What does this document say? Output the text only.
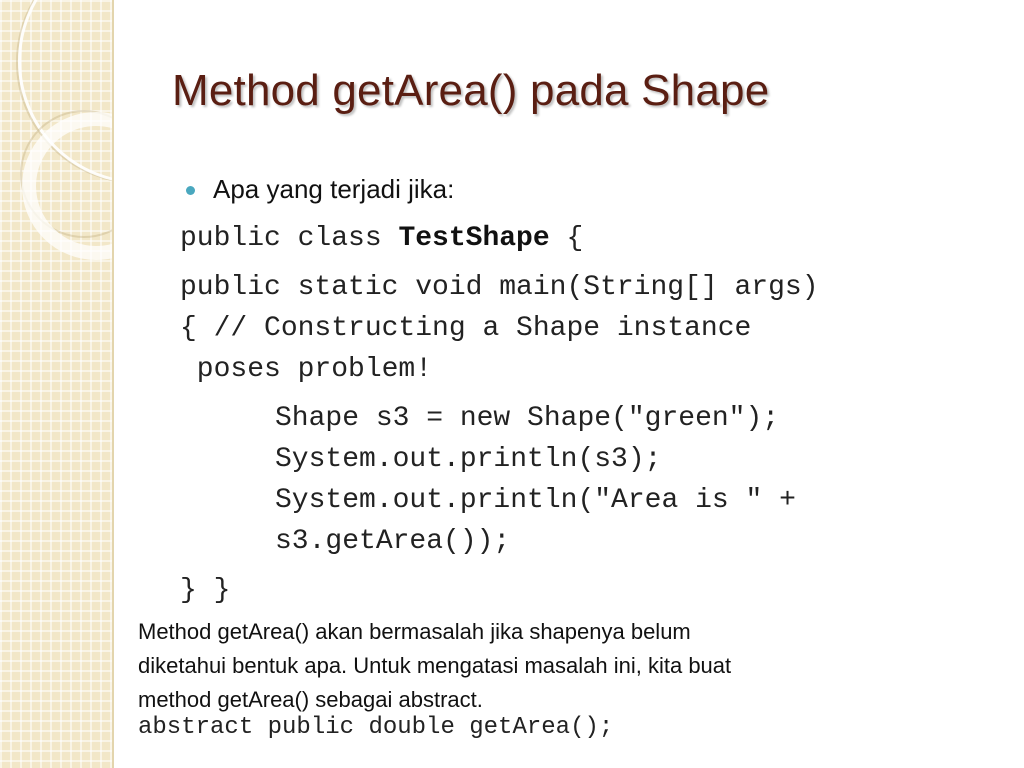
Method getArea() pada Shape
Apa yang terjadi jika:
public class TestShape {
public static void main(String[] args)
{ // Constructing a Shape instance
poses problem!
Shape s3 = new Shape("green");
System.out.println(s3);
System.out.println("Area is " +
s3.getArea());
} }
Method getArea() akan bermasalah jika shapenya belum
diketahui bentuk apa. Untuk mengatasi masalah ini, kita buat
method getArea() sebagai abstract.
abstract public double getArea();
